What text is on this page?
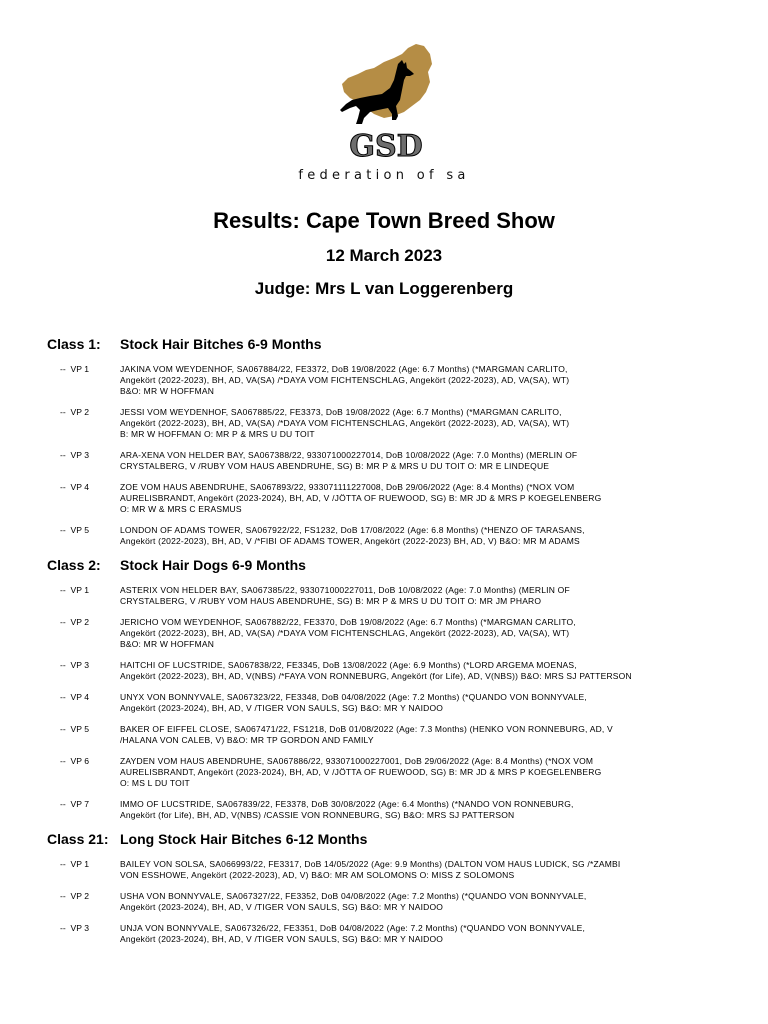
GSD
federation of sa
Results: Cape Town Breed Show
12 March 2023
Judge: Mrs L van Loggerenberg
Class 1: Stock Hair Bitches 6-9 Months
--  VP 1	JAKINA VOM WEYDENHOF, SA067884/22, FE3372, DoB 19/08/2022 (Age: 6.7 Months) (*MARGMAN CARLITO,
Angekört (2022-2023), BH, AD, VA(SA) /*DAYA VOM FICHTENSCHLAG, Angekört (2022-2023), AD, VA(SA), WT)
B&O: MR W HOFFMAN
--  VP 2	JESSI VOM WEYDENHOF, SA067885/22, FE3373, DoB 19/08/2022 (Age: 6.7 Months) (*MARGMAN CARLITO,
Angekört (2022-2023), BH, AD, VA(SA) /*DAYA VOM FICHTENSCHLAG, Angekört (2022-2023), AD, VA(SA), WT)
B: MR W HOFFMAN O: MR P & MRS U DU TOIT
--  VP 3	ARA-XENA VON HELDER BAY, SA067388/22, 933071000227014, DoB 10/08/2022 (Age: 7.0 Months) (MERLIN OF
CRYSTALBERG, V /RUBY VOM HAUS ABENDRUHE, SG) B: MR P & MRS U DU TOIT O: MR E LINDEQUE
--  VP 4	ZOE VOM HAUS ABENDRUHE, SA067893/22, 933071111227008, DoB 29/06/2022 (Age: 8.4 Months) (*NOX VOM
AURELISBRANDT, Angekört (2023-2024), BH, AD, V /JÖTTA OF RUEWOOD, SG) B: MR JD & MRS P KOEGELENBERG
O: MR W & MRS C ERASMUS
--  VP 5	LONDON OF ADAMS TOWER, SA067922/22, FS1232, DoB 17/08/2022 (Age: 6.8 Months) (*HENZO OF TARASANS,
Angekört (2022-2023), BH, AD, V /*FIBI OF ADAMS TOWER, Angekört (2022-2023) BH, AD, V) B&O: MR M ADAMS
Class 2: Stock Hair Dogs 6-9 Months
--  VP 1	ASTERIX VON HELDER BAY, SA067385/22, 933071000227011, DoB 10/08/2022 (Age: 7.0 Months) (MERLIN OF
CRYSTALBERG, V /RUBY VOM HAUS ABENDRUHE, SG) B: MR P & MRS U DU TOIT O: MR JM PHARO
--  VP 2	JERICHO VOM WEYDENHOF, SA067882/22, FE3370, DoB 19/08/2022 (Age: 6.7 Months) (*MARGMAN CARLITO,
Angekört (2022-2023), BH, AD, VA(SA) /*DAYA VOM FICHTENSCHLAG, Angekört (2022-2023), AD, VA(SA), WT)
B&O: MR W HOFFMAN
--  VP 3	HAITCHI OF LUCSTRIDE, SA067838/22, FE3345, DoB 13/08/2022 (Age: 6.9 Months) (*LORD ARGEMA MOENAS,
Angekört (2022-2023), BH, AD, V(NBS) /*FAYA VON RONNEBURG, Angekört (for Life), AD, V(NBS)) B&O: MRS SJ PATTERSON
--  VP 4	UNYX VON BONNYVALE, SA067323/22, FE3348, DoB 04/08/2022 (Age: 7.2 Months) (*QUANDO VON BONNYVALE,
Angekört (2023-2024), BH, AD, V /TIGER VON SAULS, SG) B&O: MR Y NAIDOO
--  VP 5	BAKER OF EIFFEL CLOSE, SA067471/22, FS1218, DoB 01/08/2022 (Age: 7.3 Months) (HENKO VON RONNEBURG, AD, V
/HALANA VON CALEB, V) B&O: MR TP GORDON AND FAMILY
--  VP 6	ZAYDEN VOM HAUS ABENDRUHE, SA067886/22, 933071000227001, DoB 29/06/2022 (Age: 8.4 Months) (*NOX VOM
AURELISBRANDT, Angekört (2023-2024), BH, AD, V /JÖTTA OF RUEWOOD, SG) B: MR JD & MRS P KOEGELENBERG
O: MS L DU TOIT
--  VP 7	IMMO OF LUCSTRIDE, SA067839/22, FE3378, DoB 30/08/2022 (Age: 6.4 Months) (*NANDO VON RONNEBURG,
Angekört (for Life), BH, AD, V(NBS) /CASSIE VON RONNEBURG, SG) B&O: MRS SJ PATTERSON
Class 21: Long Stock Hair Bitches 6-12 Months
--  VP 1	BAILEY VON SOLSA, SA066993/22, FE3317, DoB 14/05/2022 (Age: 9.9 Months) (DALTON VOM HAUS LUDICK, SG /*ZAMBI
VON ESSHOWE, Angekört (2022-2023), AD, V) B&O: MR AM SOLOMONS O: MISS Z SOLOMONS
--  VP 2	USHA VON BONNYVALE, SA067327/22, FE3352, DoB 04/08/2022 (Age: 7.2 Months) (*QUANDO VON BONNYVALE,
Angekört (2023-2024), BH, AD, V /TIGER VON SAULS, SG) B&O: MR Y NAIDOO
--  VP 3	UNJA VON BONNYVALE, SA067326/22, FE3351, DoB 04/08/2022 (Age: 7.2 Months) (*QUANDO VON BONNYVALE,
Angekört (2023-2024), BH, AD, V /TIGER VON SAULS, SG) B&O: MR Y NAIDOO
